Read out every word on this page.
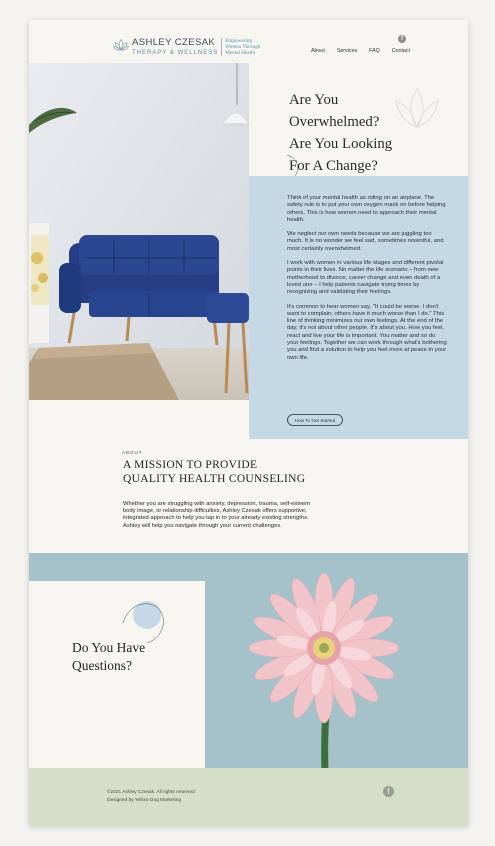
ASHLEY CZESAK
THERAPY & WELLNESS
Empowering
Women Through
Mental Health
f
About Services FAQ Contact
Are You
Overwhelmed?
Are You Looking
For A Change?

Think of your mental health as riding on an airplane. The safety rule is to put your own oxygen mask on before helping others. This is how women need to approach their mental health.

We neglect our own needs because we are juggling too much. It is no wonder we feel sad, sometimes resentful, and most certainly overwhelmed.

I work with women in various life stages and different pivotal points in their lives. No matter the life scenario – from new motherhood to divorce, career change and even death of a loved one – I help patients navigate trying times by recognizing and validating their feelings.

It's common to hear women say, "It could be worse. I don't want to complain; others have it much worse than I do." This line of thinking minimizes our own feelings. At the end of the day, it's not about other people. It's about you. How you feel, react and live your life is important. You matter and so do your feelings. Together we can work through what's bothering you and find a solution to help you feel more at peace in your own life.

How To Get Started
ABOUT
A MISSION TO PROVIDE
QUALITY HEALTH COUNSELING
Whether you are struggling with anxiety, depression, trauma, self-esteem body image, or relationship difficulties, Ashley Czesak offers supportive, integrated approach to help you tap in to your already existing strengths. Ashley will help you navigate through your current challenges.
Do You Have
Questions?
©2021 Ashley Czesak. All rights reserved
Designed by Yellow Dog Marketing
f
